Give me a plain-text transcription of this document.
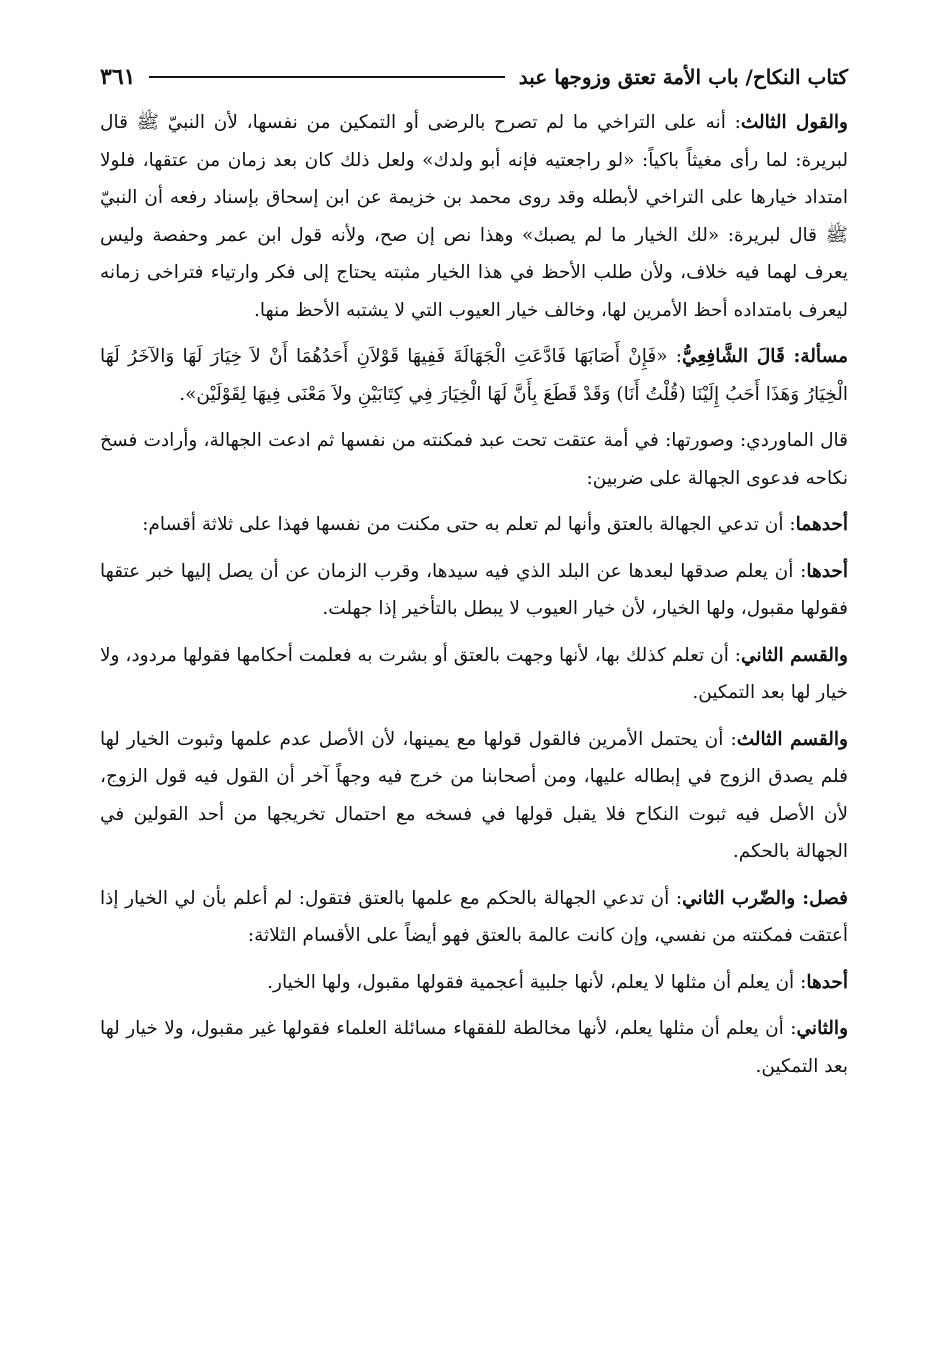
كتاب النكاح/ باب الأمة تعتق وزوجها عبد
٣٦١

والقول الثالث: أنه على التراخي ما لم تصرح بالرضى أو التمكين من نفسها، لأن النبيّ ﷺ قال لبريرة: لما رأى مغيثاً باكياً: «لو راجعتيه فإنه أبو ولدك» ولعل ذلك كان بعد زمان من عتقها، فلولا امتداد خيارها على التراخي لأبطله وقد روى محمد بن خزيمة عن ابن إسحاق بإسناد رفعه أن النبيّ ﷺ قال لبريرة: «لك الخيار ما لم يصبك» وهذا نص إن صح، ولأنه قول ابن عمر وحفصة وليس يعرف لهما فيه خلاف، ولأن طلب الأحظ في هذا الخيار مثبته يحتاج إلى فكر وارتياء فتراخى زمانه ليعرف بامتداده أحظ الأمرين لها، وخالف خيار العيوب التي لا يشتبه الأحظ منها.

مسألة: قَالَ الشَّافِعِيُّ: «فَإِنْ أَصَابَهَا فَادَّعَتِ الْجَهَالَةَ فَفِيهَا قَوْلاَنِ أَحَدُهُمَا أَنْ لاَ خِيَارَ لَهَا وَالآخَرُ لَهَا الْخِيَارُ وَهَذَا أَحَبُ إِلَيْنَا (قُلْتُ أَنَا) وَقَدْ قَطَعَ بِأَنَّ لَهَا الْخِيَارَ فِي كِتَابَيْنِ ولاَ مَعْنَى فِيهَا لِقَوْلَيْن».

قال الماوردي: وصورتها: في أمة عتقت تحت عبد فمكنته من نفسها ثم ادعت الجهالة، وأرادت فسخ نكاحه فدعوى الجهالة على ضربين:

أحدهما: أن تدعي الجهالة بالعتق وأنها لم تعلم به حتى مكنت من نفسها فهذا على ثلاثة أقسام:

أحدها: أن يعلم صدقها لبعدها عن البلد الذي فيه سيدها، وقرب الزمان عن أن يصل إليها خبر عتقها فقولها مقبول، ولها الخيار، لأن خيار العيوب لا يبطل بالتأخير إذا جهلت.

والقسم الثاني: أن تعلم كذلك بها، لأنها وجهت بالعتق أو بشرت به فعلمت أحكامها فقولها مردود، ولا خيار لها بعد التمكين.

والقسم الثالث: أن يحتمل الأمرين فالقول قولها مع يمينها، لأن الأصل عدم علمها وثبوت الخيار لها فلم يصدق الزوج في إبطاله عليها، ومن أصحابنا من خرج فيه وجهاً آخر أن القول فيه قول الزوج، لأن الأصل فيه ثبوت النكاح فلا يقبل قولها في فسخه مع احتمال تخريجها من أحد القولين في الجهالة بالحكم.

فصل: والضّرب الثاني: أن تدعي الجهالة بالحكم مع علمها بالعتق فتقول: لم أعلم بأن لي الخيار إذا أعتقت فمكنته من نفسي، وإن كانت عالمة بالعتق فهو أيضاً على الأقسام الثلاثة:

أحدها: أن يعلم أن مثلها لا يعلم، لأنها جلبية أعجمية فقولها مقبول، ولها الخيار.

والثاني: أن يعلم أن مثلها يعلم، لأنها مخالطة للفقهاء مسائلة العلماء فقولها غير مقبول، ولا خيار لها بعد التمكين.
